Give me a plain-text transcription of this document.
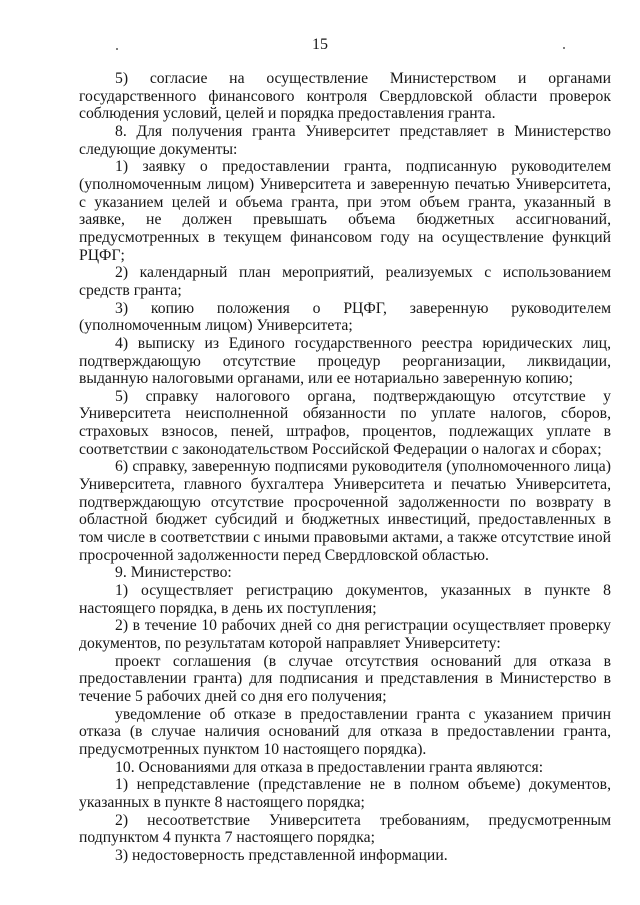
15

5) согласие на осуществление Министерством и органами государственного финансового контроля Свердловской области проверок соблюдения условий, целей и порядка предоставления гранта.

8. Для получения гранта Университет представляет в Министерство следующие документы:

1) заявку о предоставлении гранта, подписанную руководителем (уполномоченным лицом) Университета и заверенную печатью Университета, с указанием целей и объема гранта, при этом объем гранта, указанный в заявке, не должен превышать объема бюджетных ассигнований, предусмотренных в текущем финансовом году на осуществление функций РЦФГ;

2) календарный план мероприятий, реализуемых с использованием средств гранта;

3) копию положения о РЦФГ, заверенную руководителем (уполномоченным лицом) Университета;

4) выписку из Единого государственного реестра юридических лиц, подтверждающую отсутствие процедур реорганизации, ликвидации, выданную налоговыми органами, или ее нотариально заверенную копию;

5) справку налогового органа, подтверждающую отсутствие у Университета неисполненной обязанности по уплате налогов, сборов, страховых взносов, пеней, штрафов, процентов, подлежащих уплате в соответствии с законодательством Российской Федерации о налогах и сборах;

6) справку, заверенную подписями руководителя (уполномоченного лица) Университета, главного бухгалтера Университета и печатью Университета, подтверждающую отсутствие просроченной задолженности по возврату в областной бюджет субсидий и бюджетных инвестиций, предоставленных в том числе в соответствии с иными правовыми актами, а также отсутствие иной просроченной задолженности перед Свердловской областью.

9. Министерство:

1) осуществляет регистрацию документов, указанных в пункте 8 настоящего порядка, в день их поступления;

2) в течение 10 рабочих дней со дня регистрации осуществляет проверку документов, по результатам которой направляет Университету:

проект соглашения (в случае отсутствия оснований для отказа в предоставлении гранта) для подписания и представления в Министерство в течение 5 рабочих дней со дня его получения;

уведомление об отказе в предоставлении гранта с указанием причин отказа (в случае наличия оснований для отказа в предоставлении гранта, предусмотренных пунктом 10 настоящего порядка).

10. Основаниями для отказа в предоставлении гранта являются:

1) непредставление (представление не в полном объеме) документов, указанных в пункте 8 настоящего порядка;

2) несоответствие Университета требованиям, предусмотренным подпунктом 4 пункта 7 настоящего порядка;

3) недостоверность представленной информации.
